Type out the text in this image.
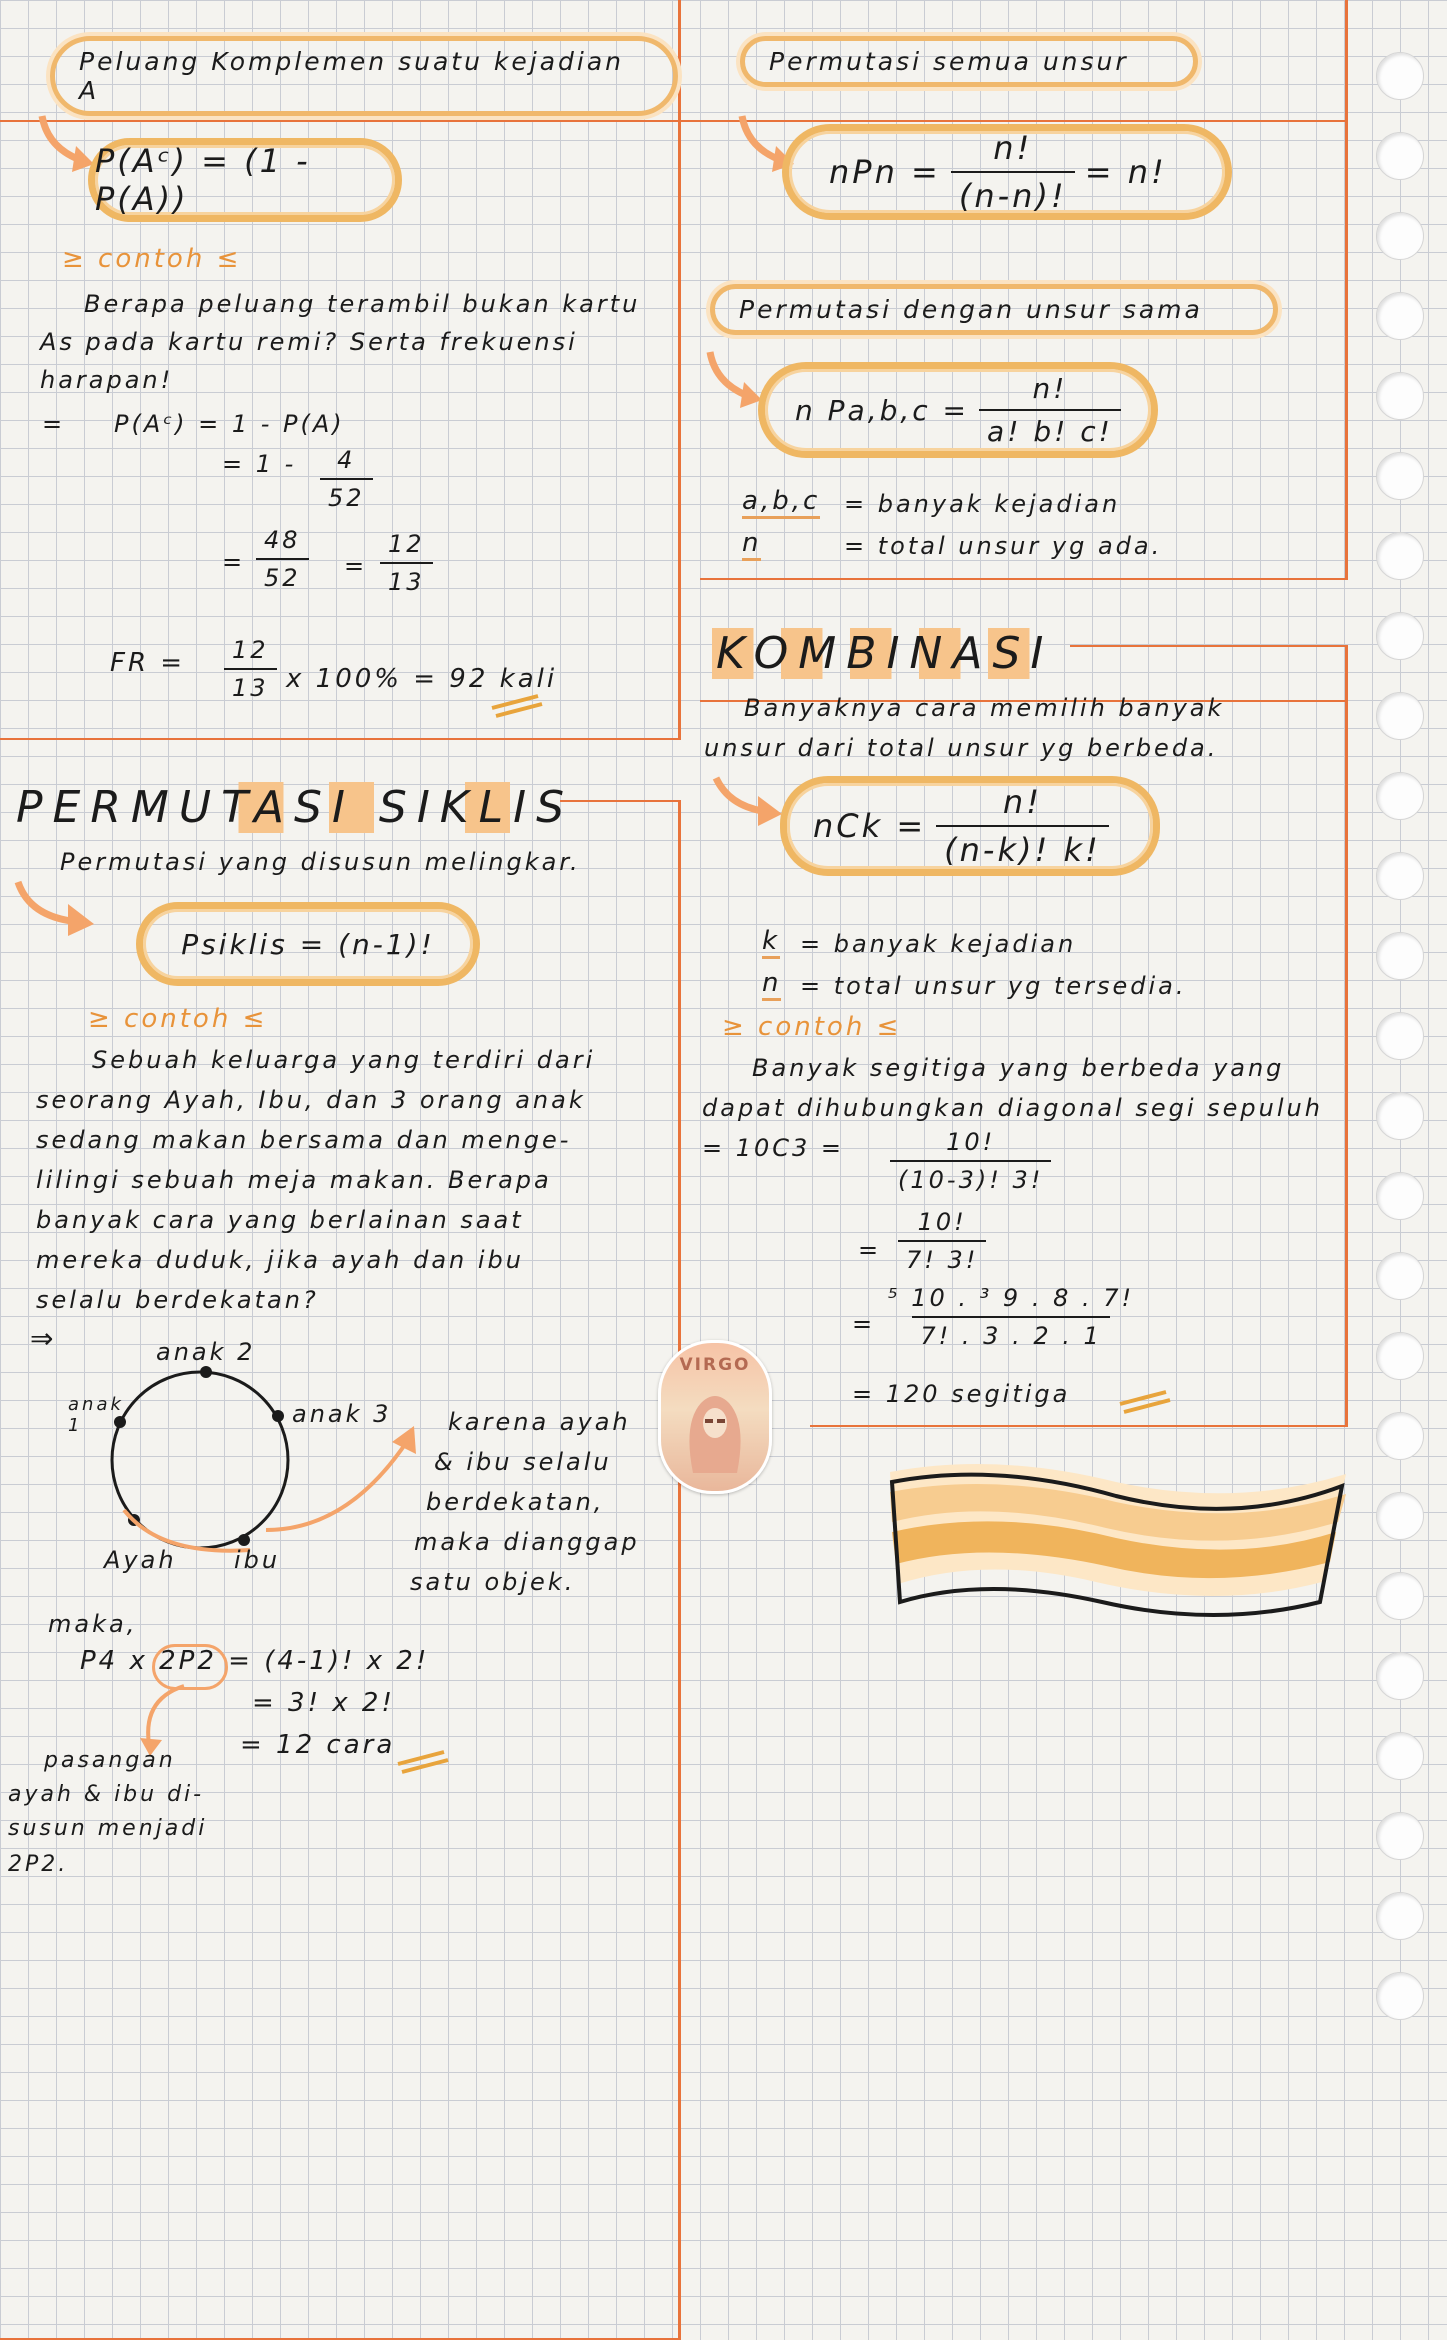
Peluang Komplemen suatu kejadian A
P(Aᶜ) = (1 - P(A))
≥ contoh ≤
Berapa peluang terambil bukan kartu
As pada kartu remi? Serta frekuensi
harapan!
= P(Aᶜ) = 1 - P(A)
= $1 - \frac{4}{52}$
= $\frac{48}{52} = \frac{12}{13}$
FR = $\frac{12}{13}$ x 100% = 92 kali
Permutasi semua unsur
nPn = $\frac{n!}{(n-n)!} = n$!
Permutasi dengan unsur sama
n $Pa,b,c = \frac{n!}{a! b! c!}$
a,b,c = banyak kejadian
n	= total unsur yg ada.
KOMBINASI
Banyaknya cara memilih banyak
unsur dari total unsur yg berbeda.
nCk = $\frac{n!}{(n-k)! k!}$
k = banyak kejadian
n = total unsur yg tersedia.
≥ contoh ≤
Banyak segitiga yang berbeda yang
dapat dihubungkan diagonal segi sepuluh
= $10C3 = \frac{10!}{(10-3)! 3!}$
= $\frac{10!}{7! 3!}$
= $\frac{\text{⁵ 10 . ³ 9 . 8 . 7!}}{7! . 3 . 2 . 1}$
= 120 segitiga
VIRGO
PERMUTASI SIKLIS
Permutasi yang disusun melingkar.
Psiklis = (n-1)!
≥ contoh ≤
Sebuah keluarga yang terdiri dari
seorang Ayah, Ibu, dan 3 orang anak
sedang makan bersama dan menge-
lilingi sebuah meja makan. Berapa
banyak cara yang berlainan saat
mereka duduk, jika ayah dan ibu
selalu berdekatan?
⇒	anak 2
anak 1	anak 3
Ayah ibu
karena ayah
& ibu selalu
berdekatan,
maka dianggap
satu objek.
maka,
P4 x 2P2 = (4-1)! x 2!
= 3! x 2!
= 12 cara
pasangan
ayah & ibu di-
susun menjadi
2P2.
